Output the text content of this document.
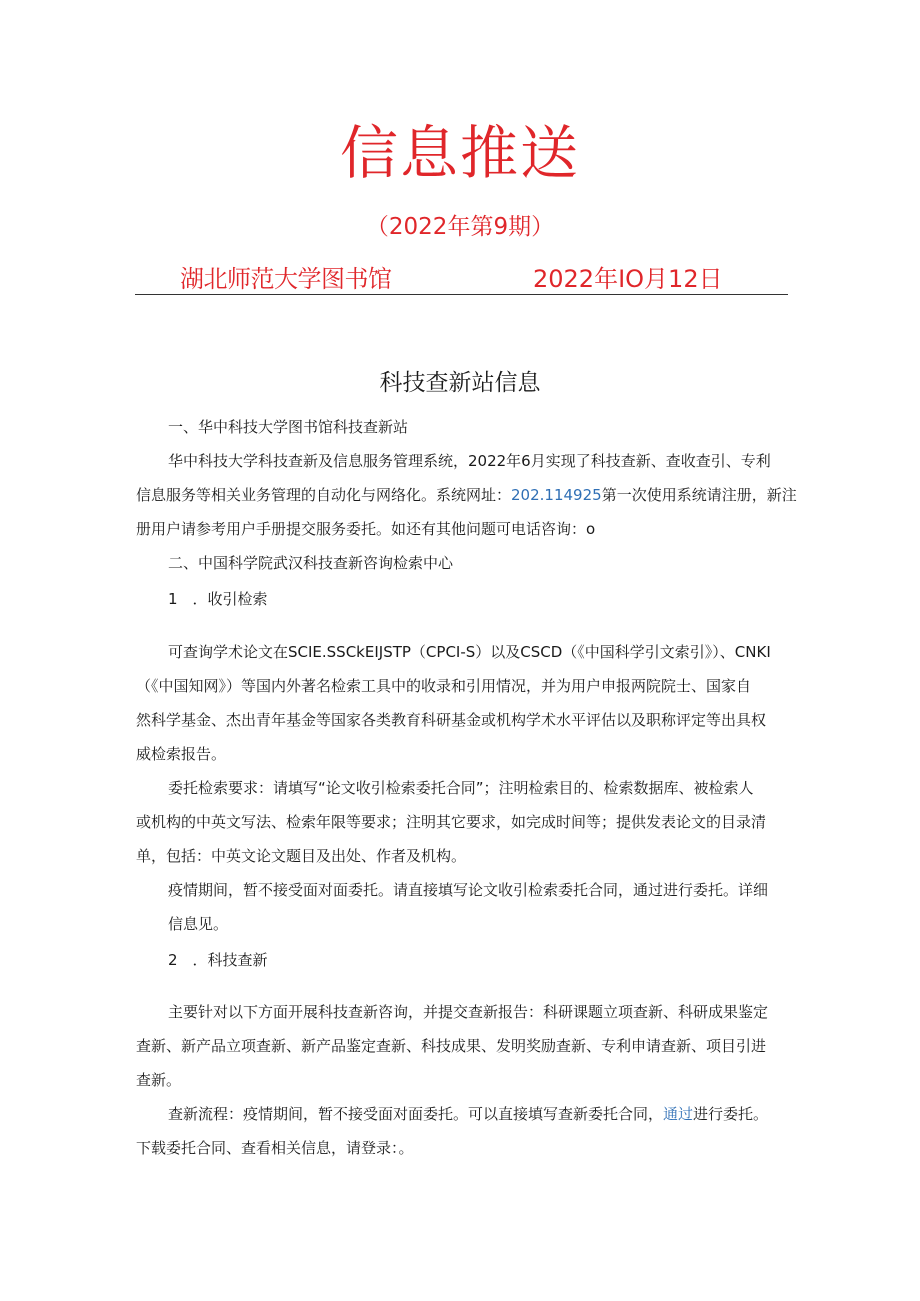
信息推送
（2022年第9期）
湖北师范大学图书馆	2022年IO月12日
科技查新站信息
一、华中科技大学图书馆科技查新站
华中科技大学科技查新及信息服务管理系统，2022年6月实现了科技查新、查收查引、专利
信息服务等相关业务管理的自动化与网络化。系统网址：202.114925第一次使用系统请注册，新注
册用户请参考用户手册提交服务委托。如还有其他问题可电话咨询：o
二、中国科学院武汉科技查新咨询检索中心
1　．收引检索
可查询学术论文在SCIE.SSCkEIJSTP（CPCI-S）以及CSCD（《中国科学引文索引》）、CNKI
（《中国知网》）等国内外著名检索工具中的收录和引用情况，并为用户申报两院院士、国家自
然科学基金、杰出青年基金等国家各类教育科研基金或机构学术水平评估以及职称评定等出具权
威检索报告。
委托检索要求：请填写“论文收引检索委托合同”；注明检索目的、检索数据库、被检索人
或机构的中英文写法、检索年限等要求；注明其它要求，如完成时间等；提供发表论文的目录清
单，包括：中英文论文题目及出处、作者及机构。
疫情期间，暂不接受面对面委托。请直接填写论文收引检索委托合同，通过进行委托。详细
信息见。
2　．科技查新
主要针对以下方面开展科技查新咨询，并提交查新报告：科研课题立项查新、科研成果鉴定
查新、新产品立项查新、新产品鉴定查新、科技成果、发明奖励查新、专利申请查新、项目引进
查新。
查新流程：疫情期间，暂不接受面对面委托。可以直接填写查新委托合同，通过进行委托。
下载委托合同、查看相关信息，请登录：。
